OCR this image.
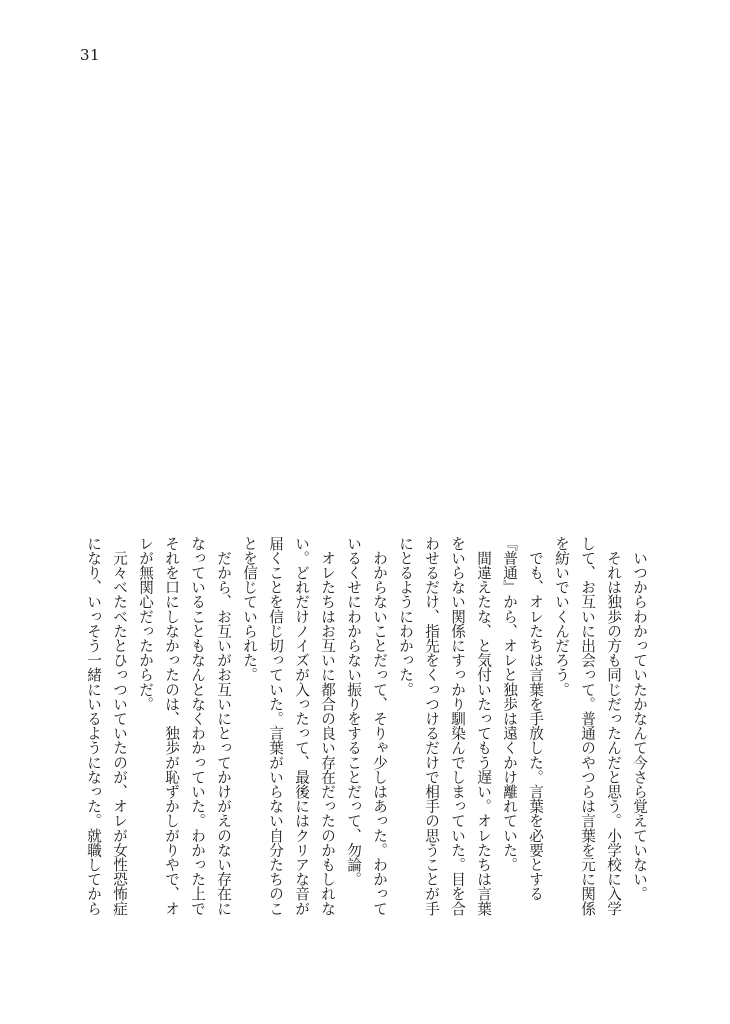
31
　いつからわかっていたかなんて今さら覚えていない。
　それは独歩の方も同じだったんだと思う。小学校に入学
して、お互いに出会って。普通のやつらは言葉を元に関係
を紡いでいくんだろう。
　でも、オレたちは言葉を手放した。言葉を必要とする
『普通』から、オレと独歩は遠くかけ離れていた。
　間違えたな、と気付いたってもう遅い。オレたちは言葉
をいらない関係にすっかり馴染んでしまっていた。目を合
わせるだけ、指先をくっつけるだけで相手の思うことが手
にとるようにわかった。
　わからないことだって、そりゃ少しはあった。わかって
いるくせにわからない振りをすることだって、勿論。
　オレたちはお互いに都合の良い存在だったのかもしれな
い。どれだけノイズが入ったって、最後にはクリアな音が
届くことを信じ切っていた。言葉がいらない自分たちのこ
とを信じていられた。
　だから、お互いがお互いにとってかけがえのない存在に
なっていることもなんとなくわかっていた。わかった上で
それを口にしなかったのは、独歩が恥ずかしがりやで、オ
レが無関心だったからだ。
　元々べたべたとひっついていたのが、オレが女性恐怖症
になり、いっそう一緒にいるようになった。就職してから
